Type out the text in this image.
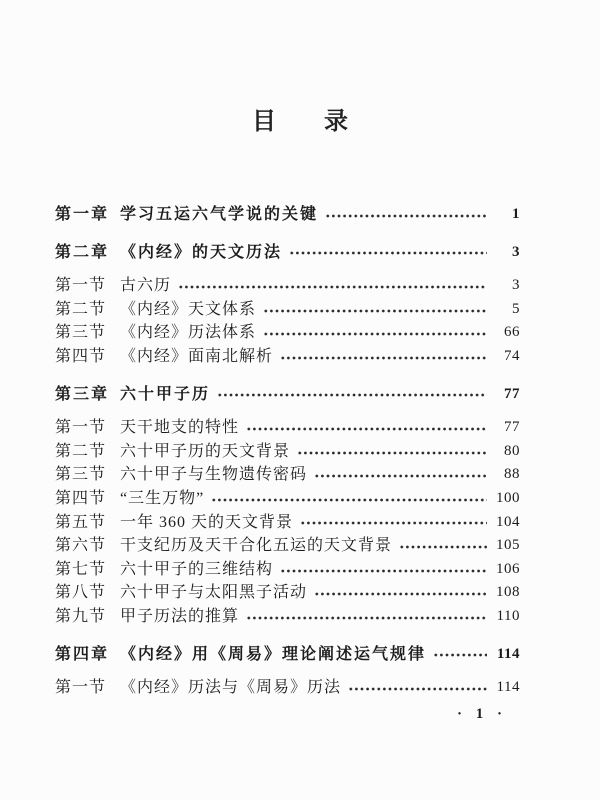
目　　录
第一章 学习五运六气学说的关键	1
第二章 《内经》的天文历法	3
第一节 古六历	3
第二节 《内经》天文体系	5
第三节 《内经》历法体系	66
第四节 《内经》面南北解析	74
第三章 六十甲子历	77
第一节 天干地支的特性	77
第二节 六十甲子历的天文背景	80
第三节 六十甲子与生物遗传密码	88
第四节 “三生万物”	100
第五节 一年 360 天的天文背景	104
第六节 干支纪历及天干合化五运的天文背景	105
第七节 六十甲子的三维结构	106
第八节 六十甲子与太阳黑子活动	108
第九节 甲子历法的推算	110
第四章 《内经》用《周易》理论阐述运气规律	114
第一节 《内经》历法与《周易》历法	114
· 1 ·
